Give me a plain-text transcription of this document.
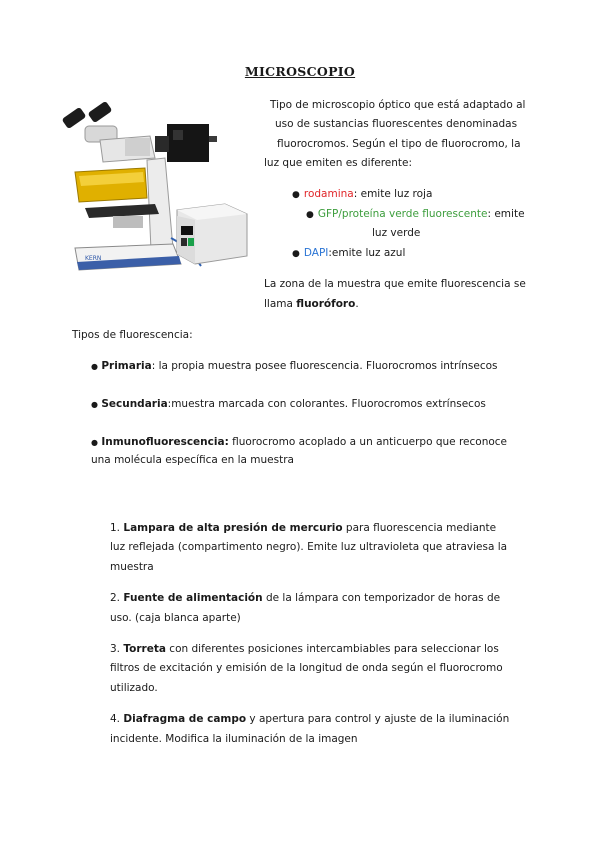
MICROSCOPIO
KERN
Tipo de microscopio óptico que está adaptado al
uso de sustancias fluorescentes denominadas
fluorocromos. Según el tipo de fluorocromo, la
luz que emiten es diferente:
● rodamina: emite luz roja
● GFP/proteína verde fluorescente: emite
luz verde
● DAPI:emite luz azul
La zona de la muestra que emite fluorescencia se
llama fluoróforo.
Tipos de fluorescencia:
● Primaria: la propia muestra posee fluorescencia. Fluorocromos intrínsecos
● Secundaria:muestra marcada con colorantes. Fluorocromos extrínsecos
● Inmunofluorescencia: fluorocromo acoplado a un anticuerpo que reconoce
una molécula específica en la muestra
1. Lampara de alta presión de mercurio para fluorescencia mediante
luz reflejada (compartimento negro). Emite luz ultravioleta que atraviesa la
muestra
2. Fuente de alimentación de la lámpara con temporizador de horas de
uso. (caja blanca aparte)
3. Torreta con diferentes posiciones intercambiables para seleccionar los
filtros de excitación y emisión de la longitud de onda según el fluorocromo
utilizado.
4. Diafragma de campo y apertura para control y ajuste de la iluminación
incidente. Modifica la iluminación de la imagen
